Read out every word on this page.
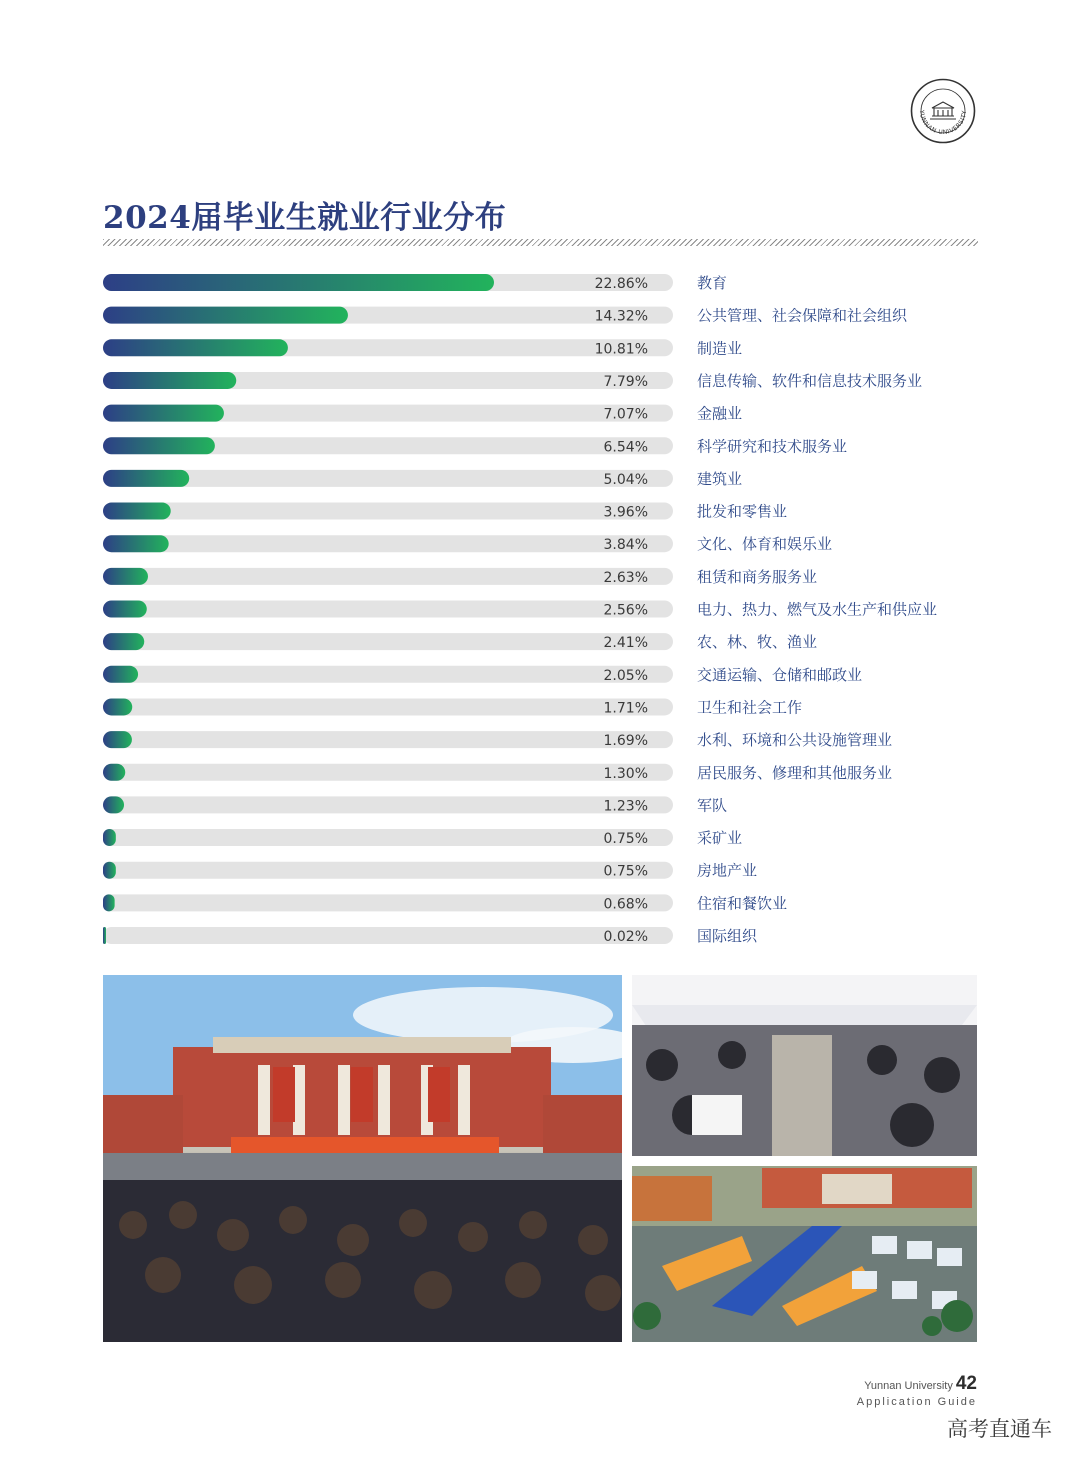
YUNNAN UNIVERSITY
2024届毕业生就业行业分布
22.86%	教育
14.32%	公共管理、社会保障和社会组织
10.81%	制造业
7.79%	信息传输、软件和信息技术服务业
7.07%	金融业
6.54%	科学研究和技术服务业
5.04%	建筑业
3.96%	批发和零售业
3.84%	文化、体育和娱乐业
2.63%	租赁和商务服务业
2.56%	电力、热力、燃气及水生产和供应业
2.41%	农、林、牧、渔业
2.05%	交通运输、仓储和邮政业
1.71%	卫生和社会工作
1.69%	水利、环境和公共设施管理业
1.30%	居民服务、修理和其他服务业
1.23%	军队
0.75%	采矿业
0.75%	房地产业
0.68%	住宿和餐饮业
0.02%	国际组织
Yunnan University 42
Application Guide
高考直通车
